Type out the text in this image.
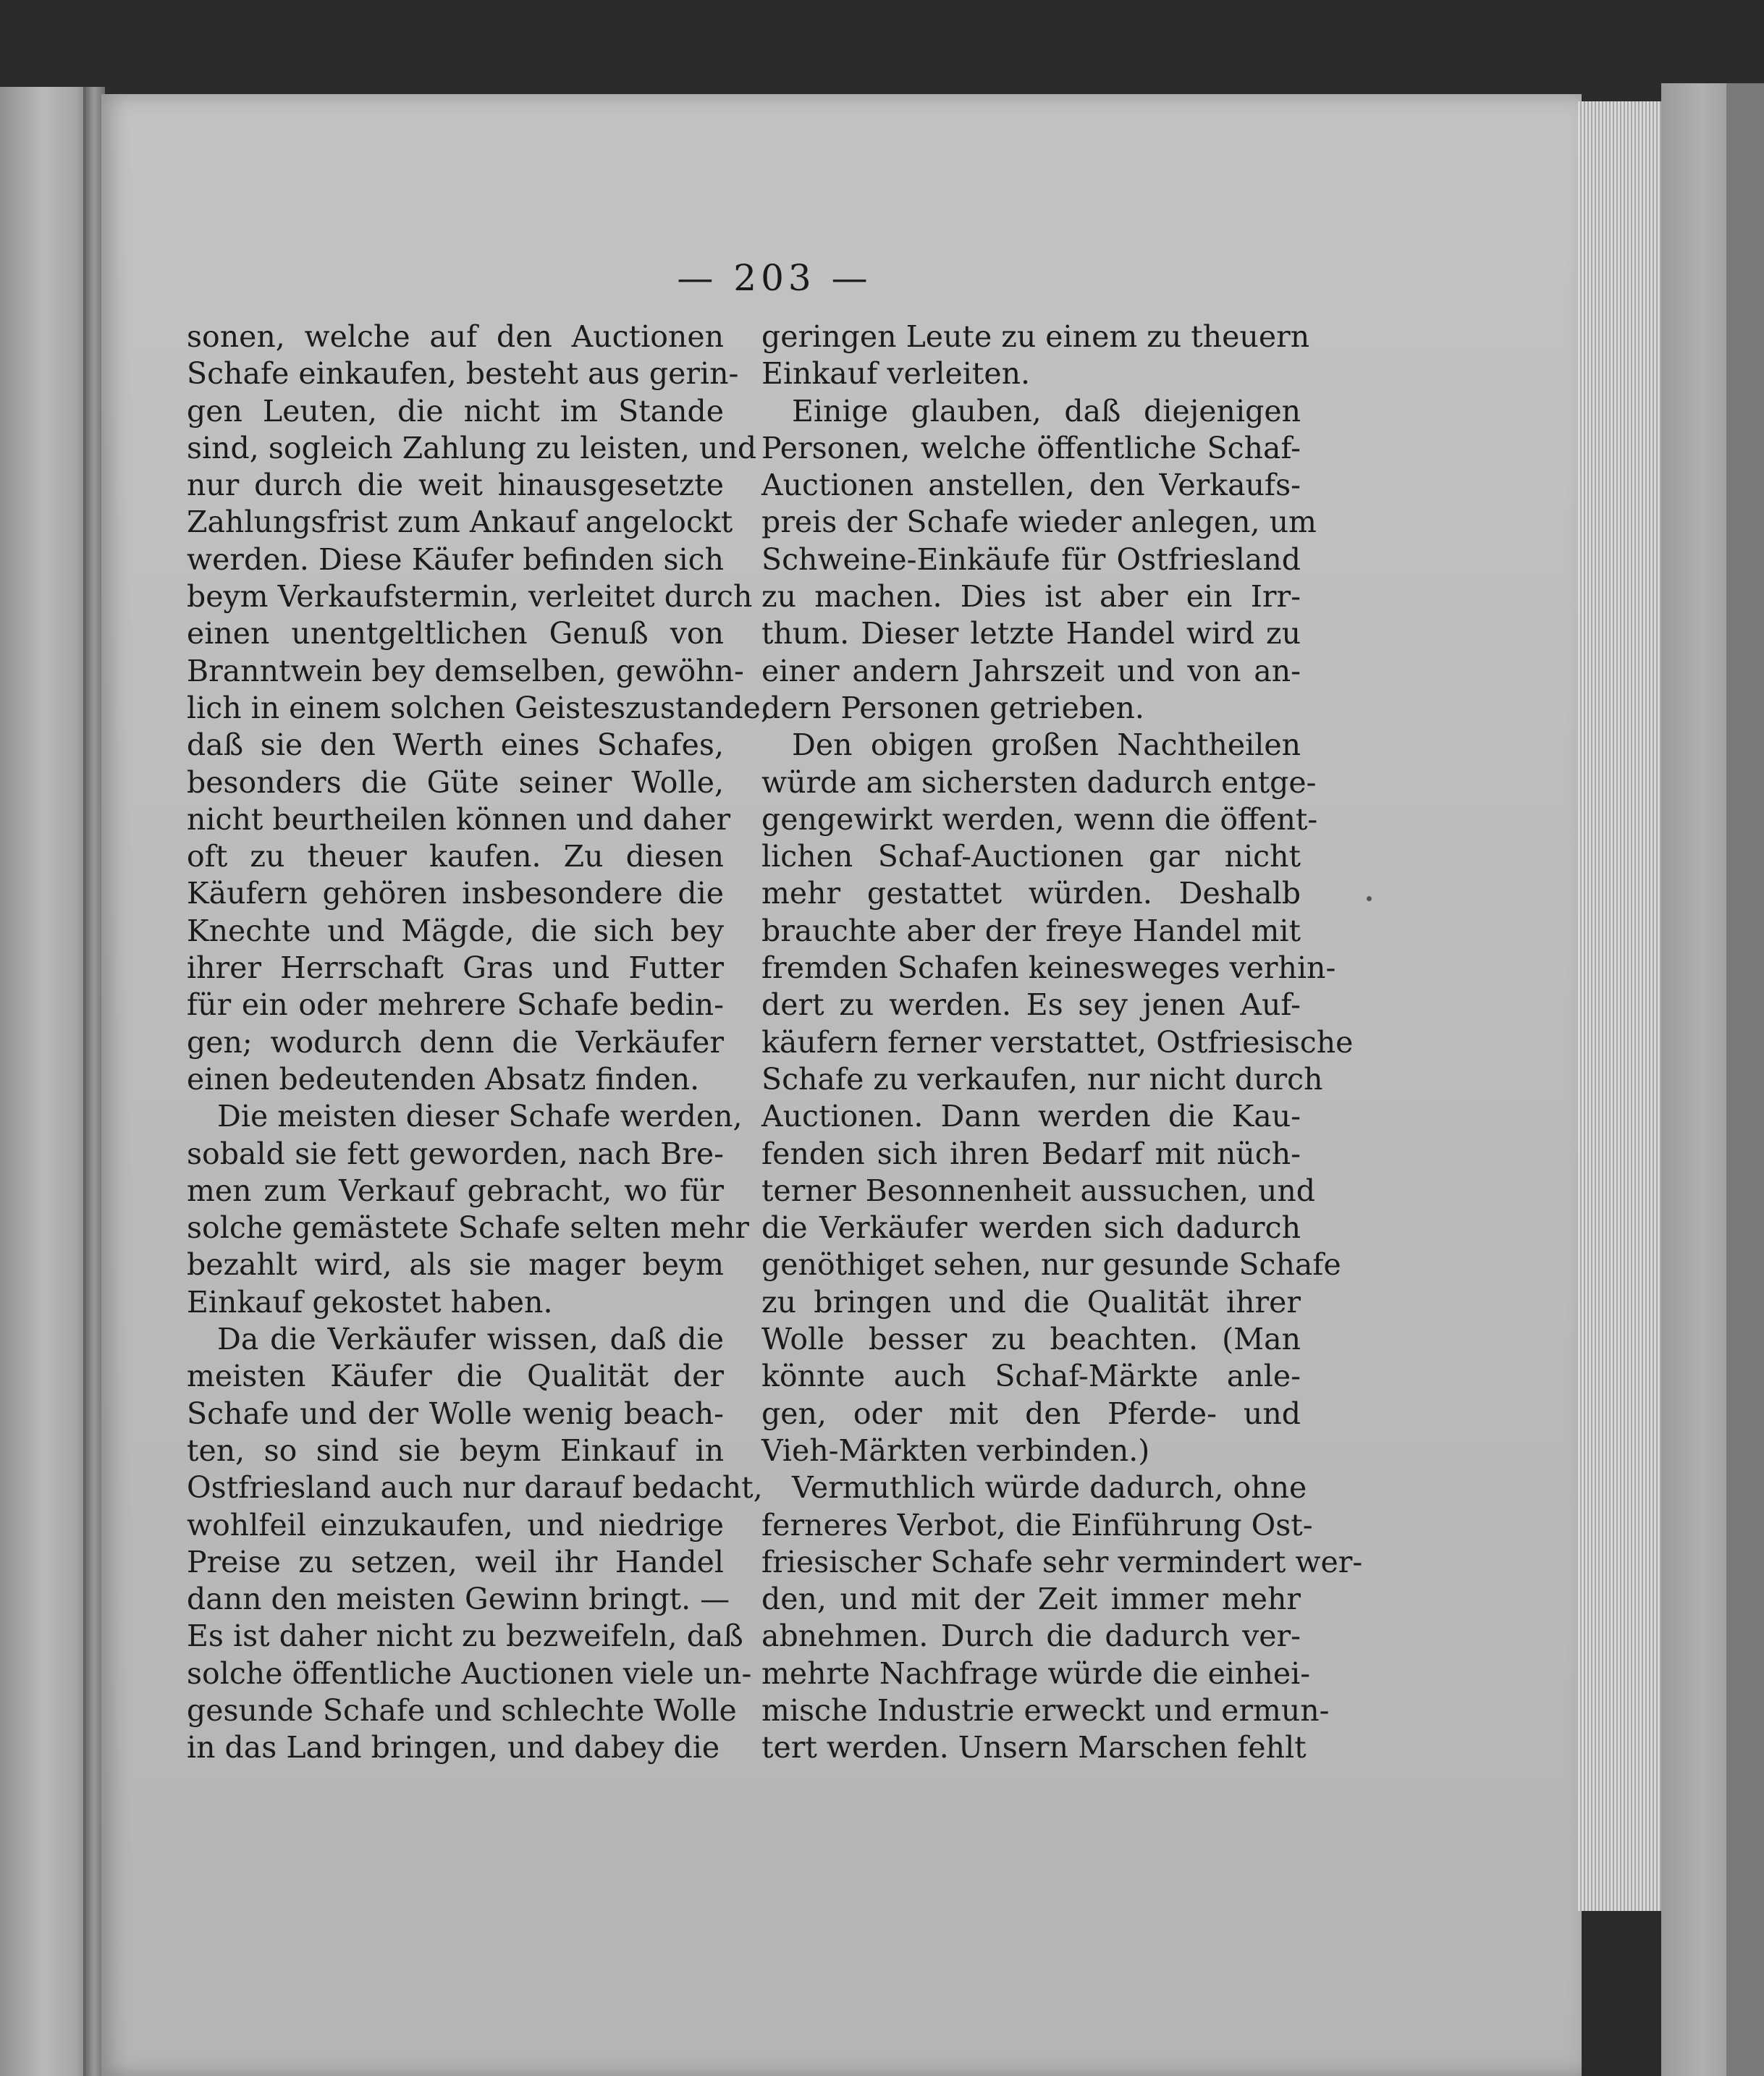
— 203 —
sonen, welche auf den Auctionen
Schafe einkaufen, besteht aus gerin-
gen Leuten, die nicht im Stande
sind, sogleich Zahlung zu leisten, und
nur durch die weit hinausgesetzte
Zahlungsfrist zum Ankauf angelockt
werden. Diese Käufer befinden sich
beym Verkaufstermin, verleitet durch
einen unentgeltlichen Genuß von
Branntwein bey demselben, gewöhn-
lich in einem solchen Geisteszustande,
daß sie den Werth eines Schafes,
besonders die Güte seiner Wolle,
nicht beurtheilen können und daher
oft zu theuer kaufen. Zu diesen
Käufern gehören insbesondere die
Knechte und Mägde, die sich bey
ihrer Herrschaft Gras und Futter
für ein oder mehrere Schafe bedin-
gen; wodurch denn die Verkäufer
einen bedeutenden Absatz finden.
Die meisten dieser Schafe werden,
sobald sie fett geworden, nach Bre-
men zum Verkauf gebracht, wo für
solche gemästete Schafe selten mehr
bezahlt wird, als sie mager beym
Einkauf gekostet haben.
Da die Verkäufer wissen, daß die
meisten Käufer die Qualität der
Schafe und der Wolle wenig beach-
ten, so sind sie beym Einkauf in
Ostfriesland auch nur darauf bedacht,
wohlfeil einzukaufen, und niedrige
Preise zu setzen, weil ihr Handel
dann den meisten Gewinn bringt. —
Es ist daher nicht zu bezweifeln, daß
solche öffentliche Auctionen viele un-
gesunde Schafe und schlechte Wolle
in das Land bringen, und dabey die
geringen Leute zu einem zu theuern
Einkauf verleiten.
Einige glauben, daß diejenigen
Personen, welche öffentliche Schaf-
Auctionen anstellen, den Verkaufs-
preis der Schafe wieder anlegen, um
Schweine-Einkäufe für Ostfriesland
zu machen. Dies ist aber ein Irr-
thum. Dieser letzte Handel wird zu
einer andern Jahrszeit und von an-
dern Personen getrieben.
Den obigen großen Nachtheilen
würde am sichersten dadurch entge-
gengewirkt werden, wenn die öffent-
lichen Schaf-Auctionen gar nicht
mehr gestattet würden. Deshalb
brauchte aber der freye Handel mit
fremden Schafen keinesweges verhin-
dert zu werden. Es sey jenen Auf-
käufern ferner verstattet, Ostfriesische
Schafe zu verkaufen, nur nicht durch
Auctionen. Dann werden die Kau-
fenden sich ihren Bedarf mit nüch-
terner Besonnenheit aussuchen, und
die Verkäufer werden sich dadurch
genöthiget sehen, nur gesunde Schafe
zu bringen und die Qualität ihrer
Wolle besser zu beachten. (Man
könnte auch Schaf-Märkte anle-
gen, oder mit den Pferde- und
Vieh-Märkten verbinden.)
Vermuthlich würde dadurch, ohne
ferneres Verbot, die Einführung Ost-
friesischer Schafe sehr vermindert wer-
den, und mit der Zeit immer mehr
abnehmen. Durch die dadurch ver-
mehrte Nachfrage würde die einhei-
mische Industrie erweckt und ermun-
tert werden. Unsern Marschen fehlt
